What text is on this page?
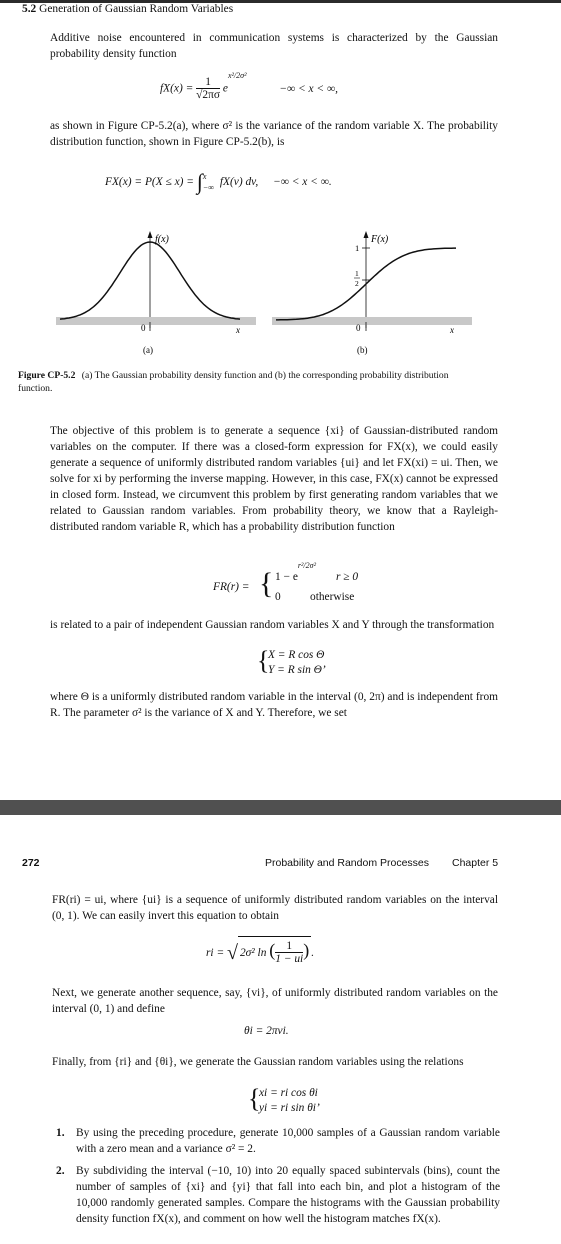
5.2 Generation of Gaussian Random Variables

Additive noise encountered in communication systems is characterized by the Gaussian probability density function

$fX(x) = \frac{1}{√2\pi\sigma} e^{x^2/2\sigma^2}$ −∞ < x < ∞,

as shown in Figure CP-5.2(a), where σ² is the variance of the random variable X. The probability distribution function, shown in Figure CP-5.2(b), is

FX(x) = P(X ≤ x) = ∫ x
−∞ fX(v) dv, −∞ < x < ∞.
f(x)
0	x
(a)
F(x)
1
1
2
0	x
(b)
Figure CP-5.2 (a) The Gaussian probability density function and (b) the corresponding probability distribution function.

The objective of this problem is to generate a sequence {xi} of Gaussian-distributed random variables on the computer. If there was a closed-form expression for FX(x), we could easily generate a sequence of uniformly distributed random variables {ui} and let FX(xi) = ui. Then, we solve for xi by performing the inverse mapping. However, in this case, FX(x) cannot be expressed in closed form. Instead, we circumvent this problem by first generating random variables that we related to Gaussian random variables. From probability theory, we know that a Rayleigh-distributed random variable R, which has a probability distribution function

FR(r) = { $1 - e^{r^2/2\sigma^2}$
r ≥ 0
0	otherwise

is related to a pair of independent Gaussian random variables X and Y through the transformation

{
X = R cos Θ
Y = R sin Θ’

where Θ is a uniformly distributed random variable in the interval (0, 2π) and is independent from R. The parameter σ² is the variance of X and Y. Therefore, we set

272	Probability and Random Processes Chapter 5

FR(ri) = ui, where {ui} is a sequence of uniformly distributed random variables on the interval (0, 1). We can easily invert this equation to obtain

ri = √ 2σ² ln ( $\frac{1}{1 - ui}$ ) .

Next, we generate another sequence, say, {vi}, of uniformly distributed random variables on the interval (0, 1) and define

θi = 2πvi.

Finally, from {ri} and {θi}, we generate the Gaussian random variables using the relations

{
xi = ri cos θi
yi = ri sin θi’
1. By using the preceding procedure, generate 10,000 samples of a Gaussian random variable with a zero mean and a variance σ² = 2.
2. By subdividing the interval (−10, 10) into 20 equally spaced subintervals (bins), count the number of samples of {xi} and {yi} that fall into each bin, and plot a histogram of the 10,000 randomly generated samples. Compare the histograms with the Gaussian probability density function fX(x), and comment on how well the histogram matches fX(x).
